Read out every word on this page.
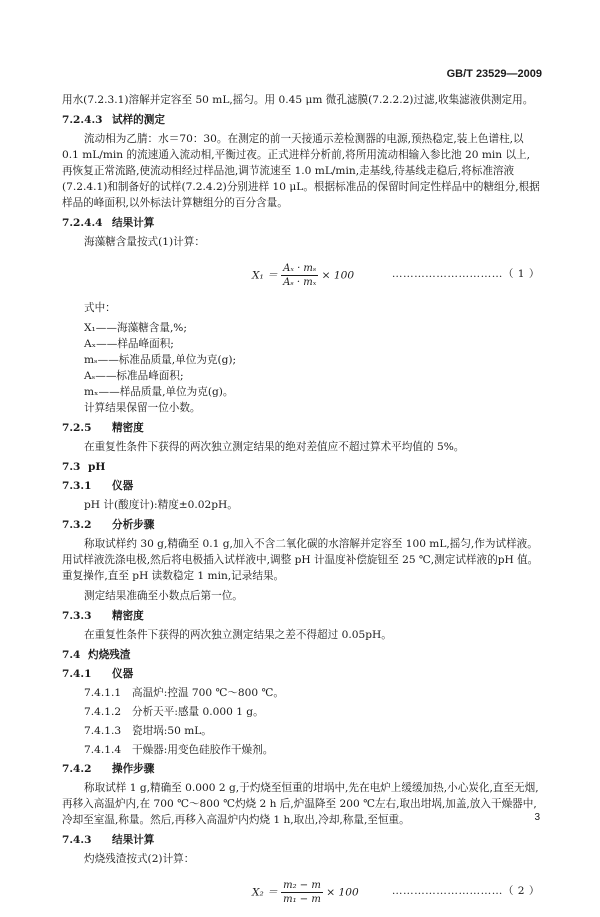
GB/T 23529—2009

用水(7.2.3.1)溶解并定容至 50 mL,摇匀。用 0.45 μm 微孔滤膜(7.2.2.2)过滤,收集滤液供测定用。

7.2.4.3 试样的测定

流动相为乙腈：水＝70：30。在测定的前一天接通示差检测器的电源,预热稳定,装上色谱柱,以 0.1 mL/min 的流速通入流动相,平衡过夜。正式进样分析前,将所用流动相输入参比池 20 min 以上,再恢复正常流路,使流动相经过样品池,调节流速至 1.0 mL/min,走基线,待基线走稳后,将标准溶液(7.2.4.1)和制备好的试样(7.2.4.2)分别进样 10 μL。根据标准品的保留时间定性样品中的糖组分,根据样品的峰面积,以外标法计算糖组分的百分含量。

7.2.4.4 结果计算

海藻糖含量按式(1)计算：

$X_1 = \frac{\text{Aₓ · mₛ}}{\text{Aₛ · mₓ}} \times 100$	…………………………（ 1 ）

式中：

X₁——海藻糖含量,%;

Aₓ——样品峰面积;

mₛ——标准品质量,单位为克(g);

Aₛ——标准品峰面积;

mₓ——样品质量,单位为克(g)。

计算结果保留一位小数。

7.2.5 精密度

在重复性条件下获得的两次独立测定结果的绝对差值应不超过算术平均值的 5%。

7.3 pH
7.3.1 仪器

pH 计(酸度计):精度±0.02pH。

7.3.2 分析步骤

称取试样约 30 g,精确至 0.1 g,加入不含二氧化碳的水溶解并定容至 100 mL,摇匀,作为试样液。用试样液洗涤电极,然后将电极插入试样液中,调整 pH 计温度补偿旋钮至 25 ℃,测定试样液的pH 值。重复操作,直至 pH 读数稳定 1 min,记录结果。

测定结果准确至小数点后第一位。

7.3.3 精密度

在重复性条件下获得的两次独立测定结果之差不得超过 0.05pH。

7.4 灼烧残渣
7.4.1 仪器

7.4.1.1 高温炉:控温 700 ℃～800 ℃。

7.4.1.2 分析天平:感量 0.000 1 g。

7.4.1.3 瓷坩埚:50 mL。

7.4.1.4 干燥器:用变色硅胶作干燥剂。

7.4.2 操作步骤

称取试样 1 g,精确至 0.000 2 g,于灼烧至恒重的坩埚中,先在电炉上缓缓加热,小心炭化,直至无烟,再移入高温炉内,在 700 ℃～800 ℃灼烧 2 h 后,炉温降至 200 ℃左右,取出坩埚,加盖,放入干燥器中,冷却至室温,称量。然后,再移入高温炉内灼烧 1 h,取出,冷却,称量,至恒重。

7.4.3 结果计算

灼烧残渣按式(2)计算：

$X_2 = \frac{\text{m₂ − m}}{\text{m₁ − m}} \times 100$	…………………………（ 2 ）
3
